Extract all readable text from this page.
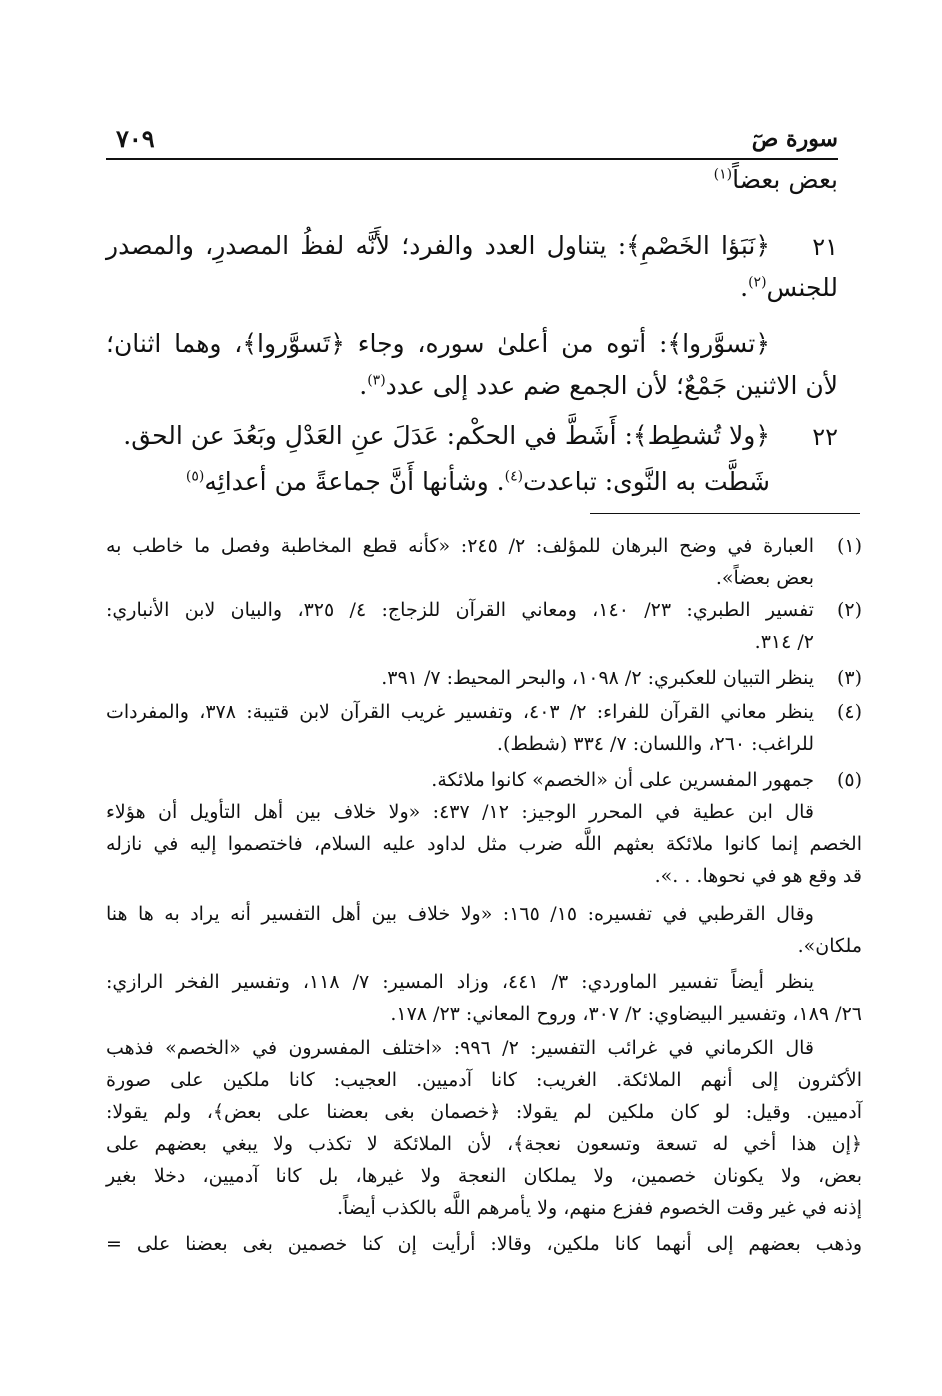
سورة صٓ
٧٠٩
بعض بعضاً$^{(١)}$
٢١
﴿نَبَؤا الخَصْمِ﴾: يتناول العدد والفرد؛ لأَنَّه لفظُ المصدرِ، والمصدر
للجنس$^{(٢)}$.
﴿تسوَّروا﴾: أتوه من أعلىٰ سوره، وجاء ﴿تَسوَّروا﴾، وهما اثنان؛
لأن الاثنين جَمْعٌ؛ لأن الجمع ضم عدد إلى عدد$^{(٣)}$.
٢٢
﴿ولا تُشطِط﴾: أَشَطَّ في الحكْم: عَدَلَ عنِ العَدْلِ وبَعُدَ عن الحق.
شَطَّت به النَّوى: تباعدت$^{(٤)}$. وشأنها أَنَّ جماعةً من أعدائِه$^{(٥)}$
(١)
العبارة في وضح البرهان للمؤلف: ٢/ ٢٤٥: «كأنه قطع المخاطبة وفصل ما خاطب به
بعض بعضاً».
(٢)
تفسير الطبري: ٢٣/ ١٤٠، ومعاني القرآن للزجاج: ٤/ ٣٢٥، والبيان لابن الأنباري:
٢/ ٣١٤.
(٣)
ينظر التبيان للعكبري: ٢/ ١٠٩٨، والبحر المحيط: ٧/ ٣٩١.
(٤)
ينظر معاني القرآن للفراء: ٢/ ٤٠٣، وتفسير غريب القرآن لابن قتيبة: ٣٧٨، والمفردات
للراغب: ٢٦٠، واللسان: ٧/ ٣٣٤ (شطط).
(٥)
جمهور المفسرين على أن «الخصم» كانوا ملائكة.
قال ابن عطية في المحرر الوجيز: ١٢/ ٤٣٧: «ولا خلاف بين أهل التأويل أن هؤلاء
الخصم إنما كانوا ملائكة بعثهم اللَّه ضرب مثل لداود عليه السلام، فاختصموا إليه في نازله
قد وقع هو في نحوها. . .».
وقال القرطبي في تفسيره: ١٥/ ١٦٥: «ولا خلاف بين أهل التفسير أنه يراد به ها هنا
ملكان».
ينظر أيضاً تفسير الماوردي: ٣/ ٤٤١، وزاد المسير: ٧/ ١١٨، وتفسير الفخر الرازي:
٢٦/ ١٨٩، وتفسير البيضاوي: ٢/ ٣٠٧، وروح المعاني: ٢٣/ ١٧٨.
قال الكرماني في غرائب التفسير: ٢/ ٩٩٦: «اختلف المفسرون في «الخصم» فذهب
الأكثرون إلى أنهم الملائكة. الغريب: كانا آدميين. العجيب: كانا ملكين على صورة
آدميين. وقيل: لو كان ملكين لم يقولا: ﴿خصمان بغى بعضنا على بعض﴾، ولم يقولا:
﴿إن هذا أخي له تسعة وتسعون نعجة﴾، لأن الملائكة لا تكذب ولا يبغي بعضهم على
بعض، ولا يكونان خصمين، ولا يملكان النعجة ولا غيرها، بل كانا آدميين، دخلا بغير
إذنه في غير وقت الخصوم ففزع منهم، ولا يأمرهم اللَّه بالكذب أيضاً.
وذهب بعضهم إلى أنهما كانا ملكين، وقالا: أرأيت إن كنا خصمين بغى بعضنا على =
